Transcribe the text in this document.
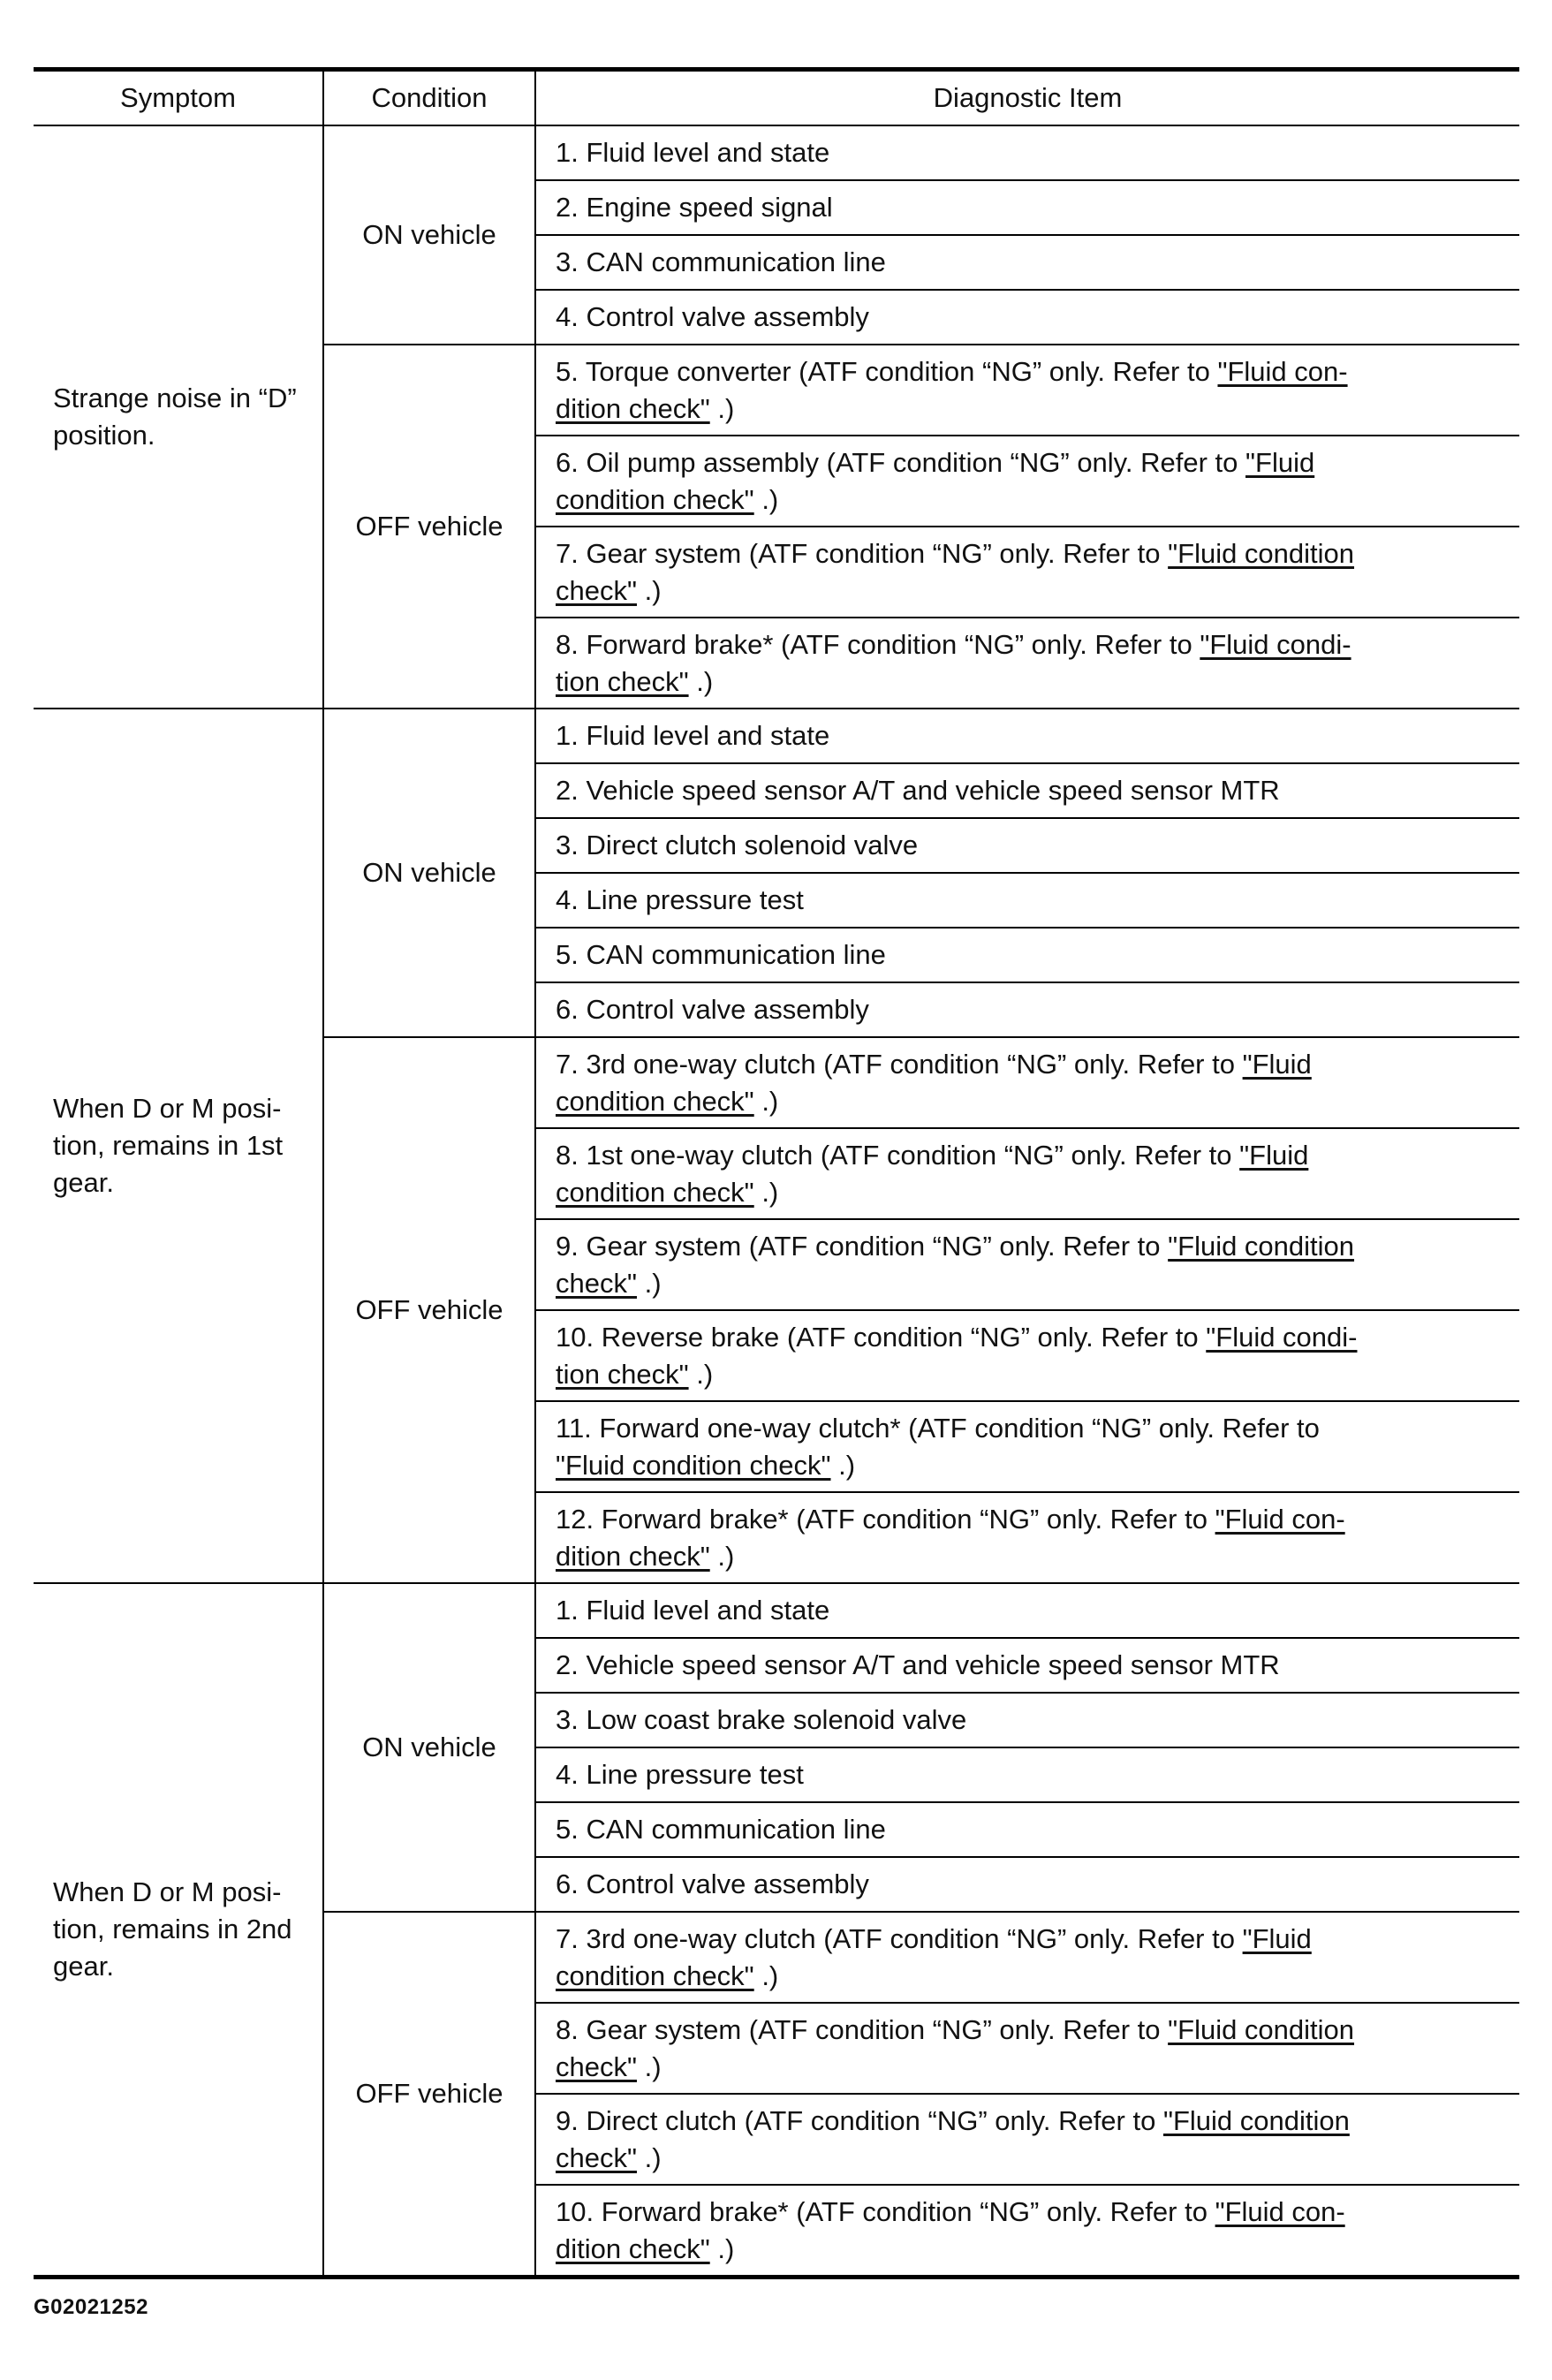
Symptom	Condition	Diagnostic Item
Strange noise in “D” position.	ON vehicle	1. Fluid level and state
		2. Engine speed signal
		3. CAN communication line
		4. Control valve assembly
	OFF vehicle	5. Torque converter (ATF condition “NG” only. Refer to "Fluid con-
dition check" .)
		6. Oil pump assembly (ATF condition “NG” only. Refer to "Fluid
condition check" .)
		7. Gear system (ATF condition “NG” only. Refer to "Fluid condition
check" .)
		8. Forward brake* (ATF condition “NG” only. Refer to "Fluid condi-
tion check" .)
When D or M posi-tion, remains in 1st gear.	ON vehicle	1. Fluid level and state
		2. Vehicle speed sensor A/T and vehicle speed sensor MTR
		3. Direct clutch solenoid valve
		4. Line pressure test
		5. CAN communication line
		6. Control valve assembly
	OFF vehicle	7. 3rd one-way clutch (ATF condition “NG” only. Refer to "Fluid
condition check" .)
		8. 1st one-way clutch (ATF condition “NG” only. Refer to "Fluid
condition check" .)
		9. Gear system (ATF condition “NG” only. Refer to "Fluid condition
check" .)
		10. Reverse brake (ATF condition “NG” only. Refer to "Fluid condi-
tion check" .)
		11. Forward one-way clutch* (ATF condition “NG” only. Refer to
"Fluid condition check" .)
		12. Forward brake* (ATF condition “NG” only. Refer to "Fluid con-
dition check" .)
When D or M posi-tion, remains in 2nd gear.	ON vehicle	1. Fluid level and state
		2. Vehicle speed sensor A/T and vehicle speed sensor MTR
		3. Low coast brake solenoid valve
		4. Line pressure test
		5. CAN communication line
		6. Control valve assembly
	OFF vehicle	7. 3rd one-way clutch (ATF condition “NG” only. Refer to "Fluid
condition check" .)
		8. Gear system (ATF condition “NG” only. Refer to "Fluid condition
check" .)
		9. Direct clutch (ATF condition “NG” only. Refer to "Fluid condition
check" .)
		10. Forward brake* (ATF condition “NG” only. Refer to "Fluid con-
dition check" .)
G02021252
